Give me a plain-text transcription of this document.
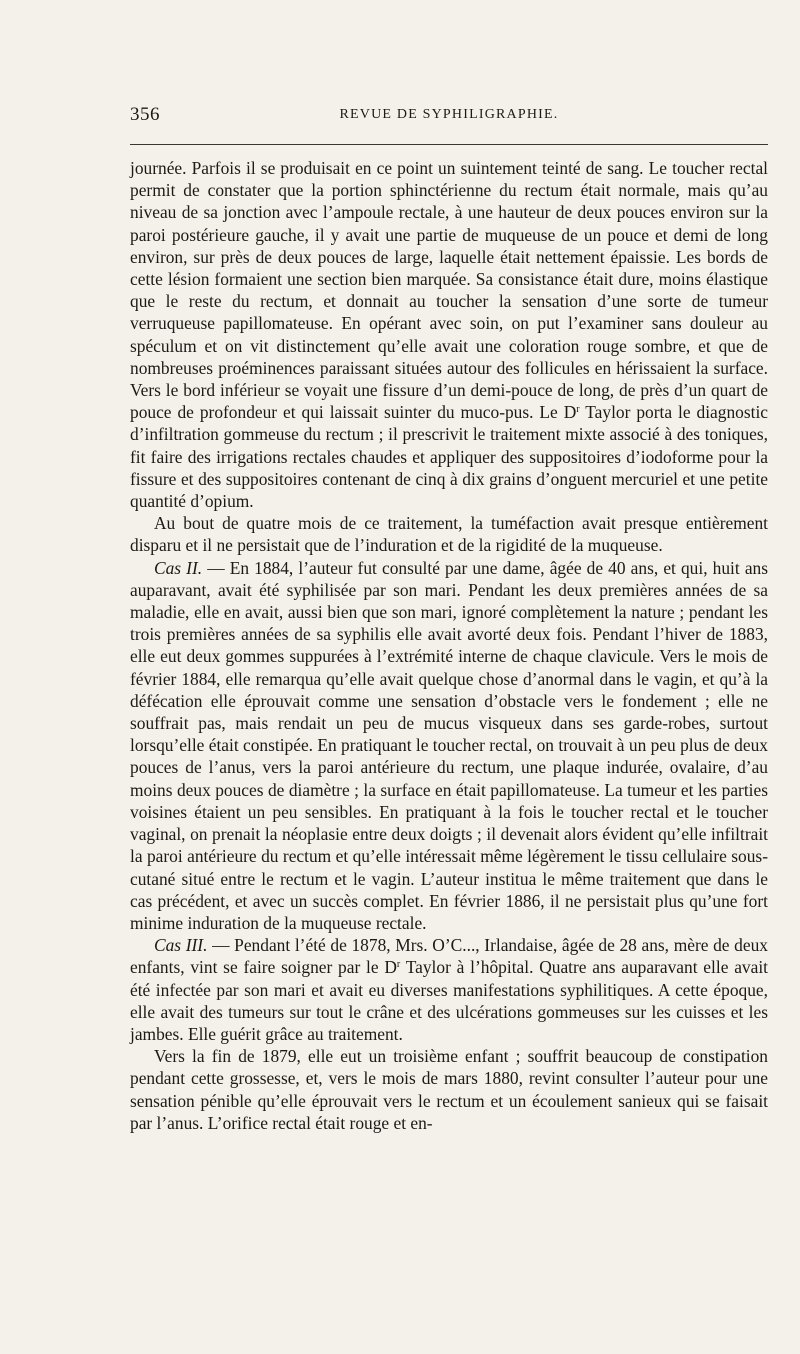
356	REVUE DE SYPHILIGRAPHIE.

journée. Parfois il se produisait en ce point un suintement teinté de sang. Le toucher rectal permit de constater que la portion sphinctérienne du rectum était normale, mais qu’au niveau de sa jonction avec l’ampoule rectale, à une hauteur de deux pouces environ sur la paroi postérieure gauche, il y avait une partie de muqueuse de un pouce et demi de long environ, sur près de deux pouces de large, laquelle était nettement épaissie. Les bords de cette lésion formaient une section bien marquée. Sa consistance était dure, moins élastique que le reste du rectum, et donnait au toucher la sensation d’une sorte de tumeur verruqueuse papillomateuse. En opérant avec soin, on put l’examiner sans douleur au spéculum et on vit distinctement qu’elle avait une coloration rouge sombre, et que de nombreuses proéminences paraissant situées autour des follicules en hérissaient la surface. Vers le bord inférieur se voyait une fissure d’un demi-pouce de long, de près d’un quart de pouce de profondeur et qui laissait suinter du muco-pus. Le $D^r$ Taylor porta le diagnostic d’infiltration gommeuse du rectum ; il prescrivit le traitement mixte associé à des toniques, fit faire des irrigations rectales chaudes et appliquer des suppositoires d’iodoforme pour la fissure et des suppositoires contenant de cinq à dix grains d’onguent mercuriel et une petite quantité d’opium.

Au bout de quatre mois de ce traitement, la tuméfaction avait presque entièrement disparu et il ne persistait que de l’induration et de la rigidité de la muqueuse.

Cas II. — En 1884, l’auteur fut consulté par une dame, âgée de 40 ans, et qui, huit ans auparavant, avait été syphilisée par son mari. Pendant les deux premières années de sa maladie, elle en avait, aussi bien que son mari, ignoré complètement la nature ; pendant les trois premières années de sa syphilis elle avait avorté deux fois. Pendant l’hiver de 1883, elle eut deux gommes suppurées à l’extrémité interne de chaque clavicule. Vers le mois de février 1884, elle remarqua qu’elle avait quelque chose d’anormal dans le vagin, et qu’à la défécation elle éprouvait comme une sensation d’obstacle vers le fondement ; elle ne souffrait pas, mais rendait un peu de mucus visqueux dans ses garde-robes, surtout lorsqu’elle était constipée. En pratiquant le toucher rectal, on trouvait à un peu plus de deux pouces de l’anus, vers la paroi antérieure du rectum, une plaque indurée, ovalaire, d’au moins deux pouces de diamètre ; la surface en était papillomateuse. La tumeur et les parties voisines étaient un peu sensibles. En pratiquant à la fois le toucher rectal et le toucher vaginal, on prenait la néoplasie entre deux doigts ; il devenait alors évident qu’elle infiltrait la paroi antérieure du rectum et qu’elle intéressait même légèrement le tissu cellulaire sous-cutané situé entre le rectum et le vagin. L’auteur institua le même traitement que dans le cas précédent, et avec un succès complet. En février 1886, il ne persistait plus qu’une fort minime induration de la muqueuse rectale.

Cas III. — Pendant l’été de 1878, Mrs. O’C..., Irlandaise, âgée de 28 ans, mère de deux enfants, vint se faire soigner par le $D^r$ Taylor à l’hôpital. Quatre ans auparavant elle avait été infectée par son mari et avait eu diverses manifestations syphilitiques. A cette époque, elle avait des tumeurs sur tout le crâne et des ulcérations gommeuses sur les cuisses et les jambes. Elle guérit grâce au traitement.

Vers la fin de 1879, elle eut un troisième enfant ; souffrit beaucoup de constipation pendant cette grossesse, et, vers le mois de mars 1880, revint consulter l’auteur pour une sensation pénible qu’elle éprouvait vers le rectum et un écoulement sanieux qui se faisait par l’anus. L’orifice rectal était rouge et en-
